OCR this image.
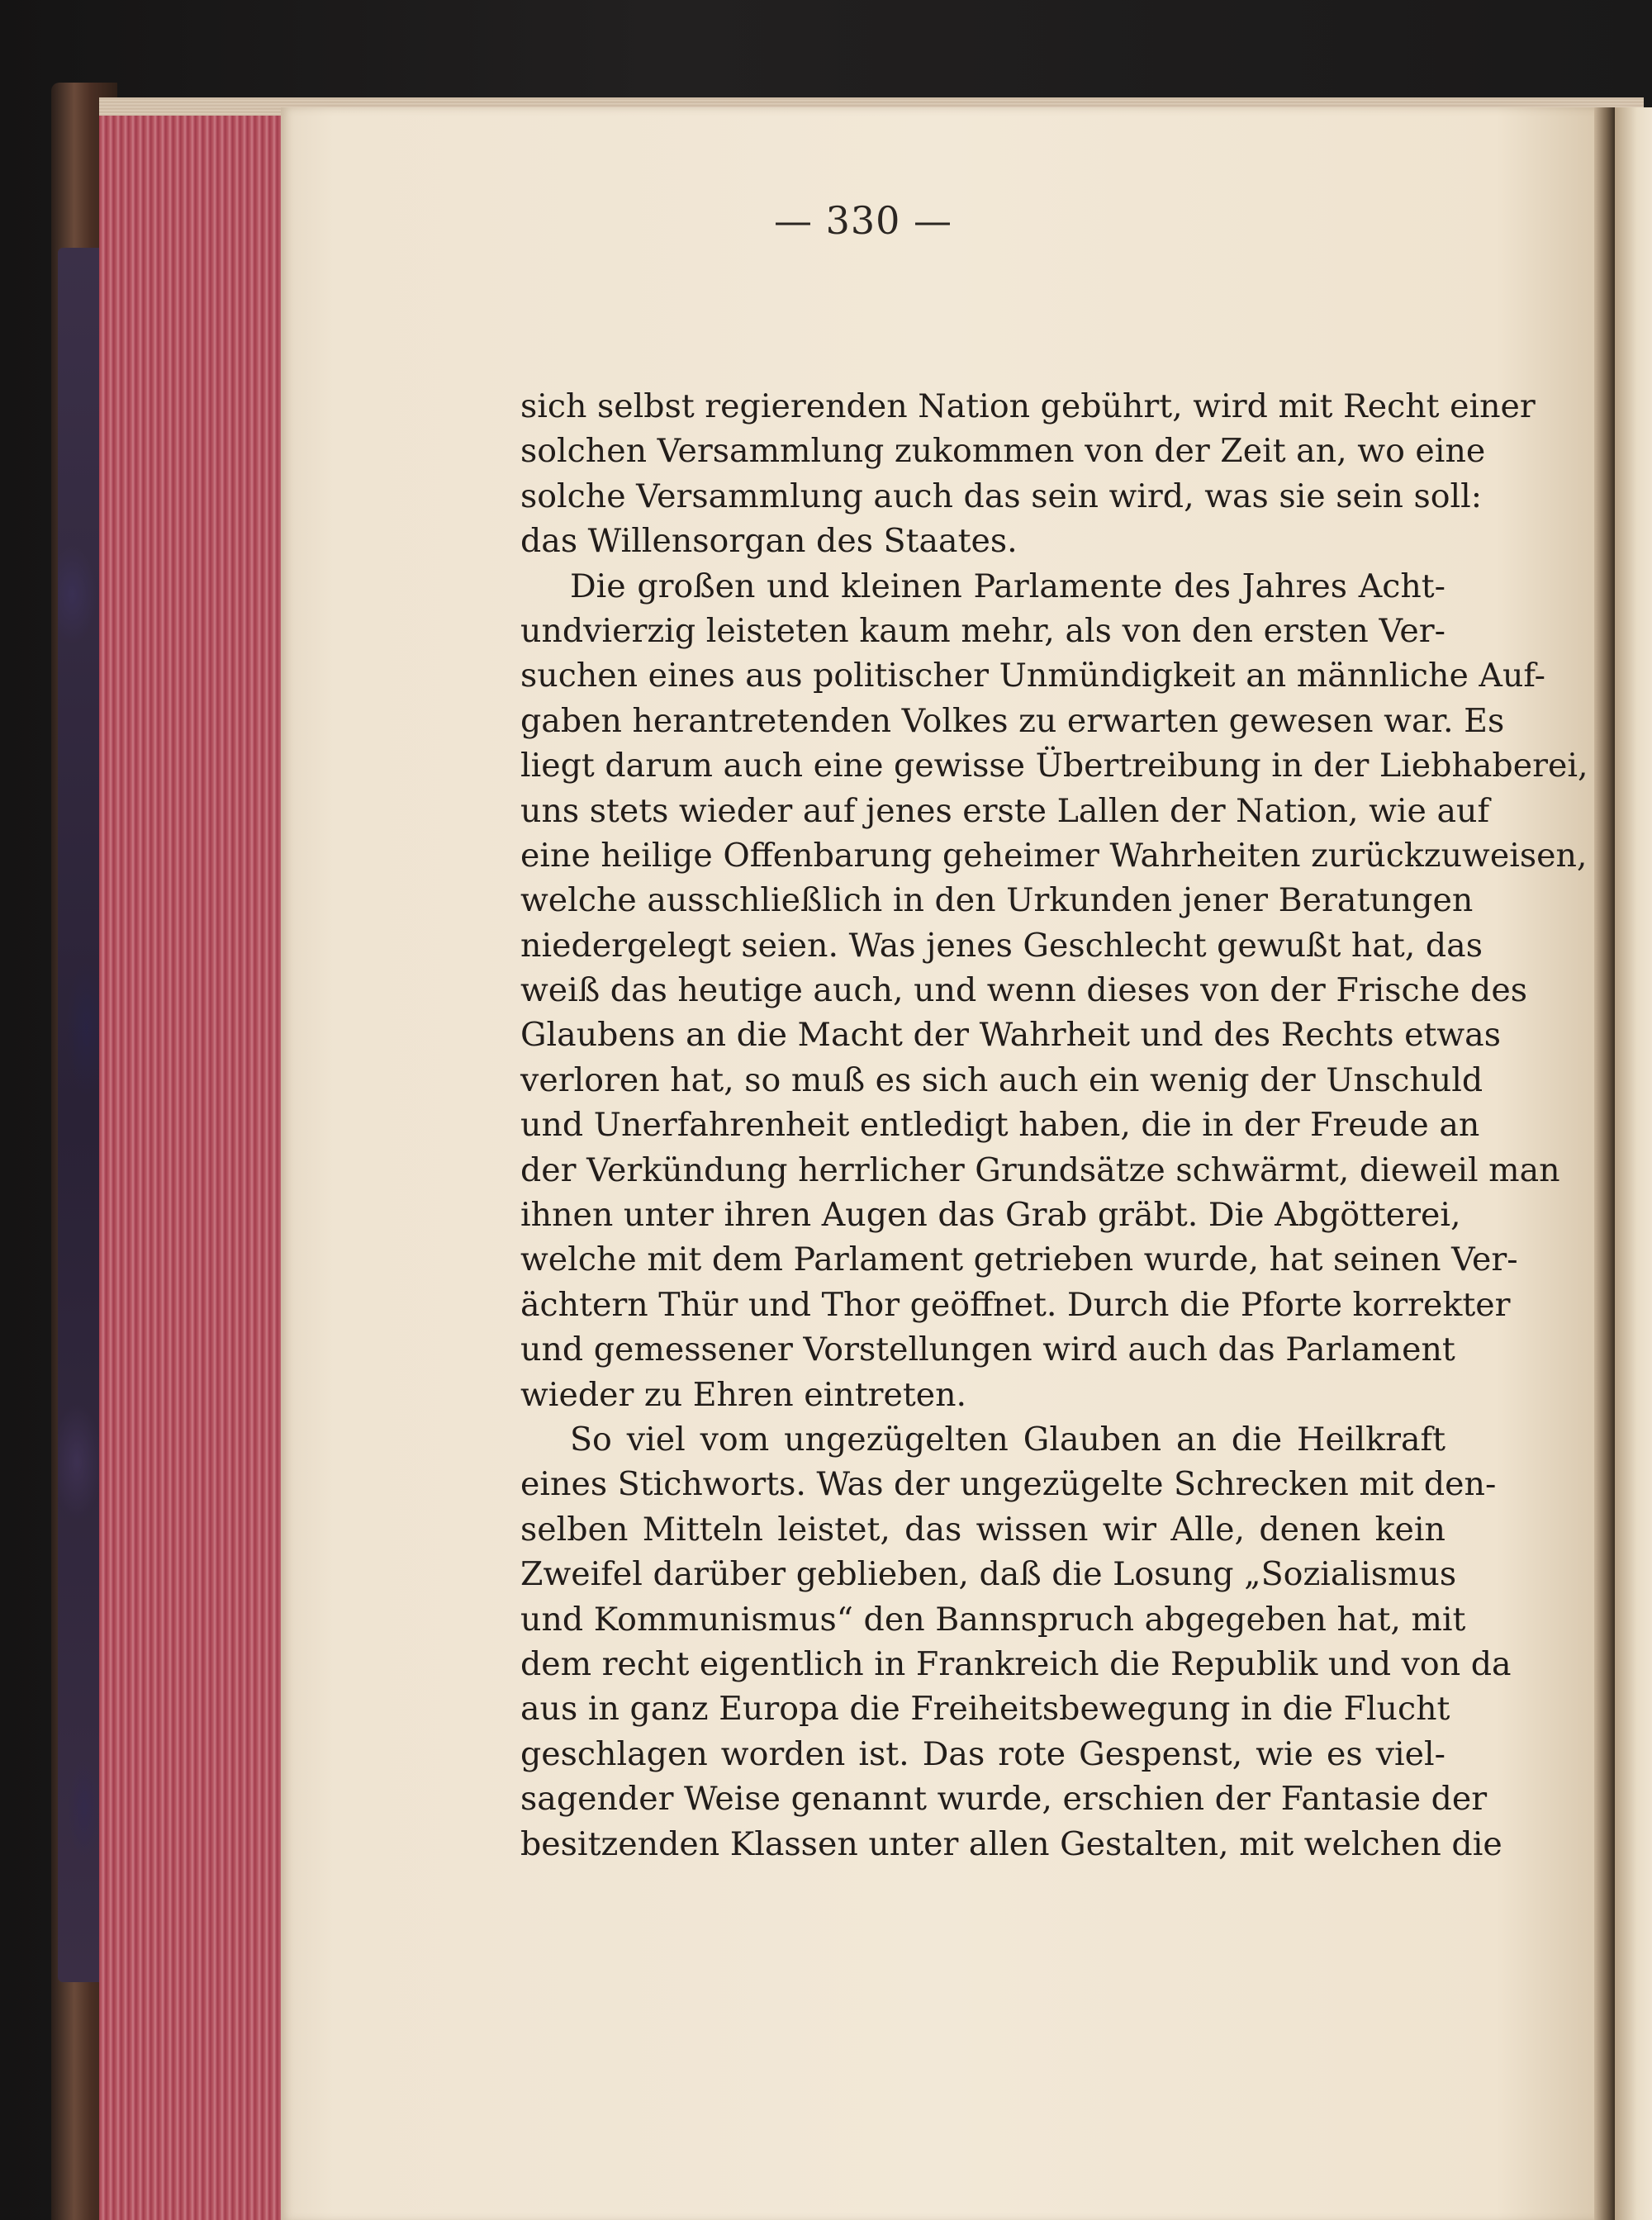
— 330 —
sich selbst regierenden Nation gebührt, wird mit Recht einer
solchen Versammlung zukommen von der Zeit an, wo eine
solche Versammlung auch das sein wird, was sie sein soll:
das Willensorgan des Staates.
Die großen und kleinen Parlamente des Jahres Acht-
undvierzig leisteten kaum mehr, als von den ersten Ver-
suchen eines aus politischer Unmündigkeit an männliche Auf-
gaben herantretenden Volkes zu erwarten gewesen war. Es
liegt darum auch eine gewisse Übertreibung in der Liebhaberei,
uns stets wieder auf jenes erste Lallen der Nation, wie auf
eine heilige Offenbarung geheimer Wahrheiten zurückzuweisen,
welche ausschließlich in den Urkunden jener Beratungen
niedergelegt seien. Was jenes Geschlecht gewußt hat, das
weiß das heutige auch, und wenn dieses von der Frische des
Glaubens an die Macht der Wahrheit und des Rechts etwas
verloren hat, so muß es sich auch ein wenig der Unschuld
und Unerfahrenheit entledigt haben, die in der Freude an
der Verkündung herrlicher Grundsätze schwärmt, dieweil man
ihnen unter ihren Augen das Grab gräbt. Die Abgötterei,
welche mit dem Parlament getrieben wurde, hat seinen Ver-
ächtern Thür und Thor geöffnet. Durch die Pforte korrekter
und gemessener Vorstellungen wird auch das Parlament
wieder zu Ehren eintreten.
So viel vom ungezügelten Glauben an die Heilkraft
eines Stichworts. Was der ungezügelte Schrecken mit den-
selben Mitteln leistet, das wissen wir Alle, denen kein
Zweifel darüber geblieben, daß die Losung „Sozialismus
und Kommunismus“ den Bannspruch abgegeben hat, mit
dem recht eigentlich in Frankreich die Republik und von da
aus in ganz Europa die Freiheitsbewegung in die Flucht
geschlagen worden ist. Das rote Gespenst, wie es viel-
sagender Weise genannt wurde, erschien der Fantasie der
besitzenden Klassen unter allen Gestalten, mit welchen die
